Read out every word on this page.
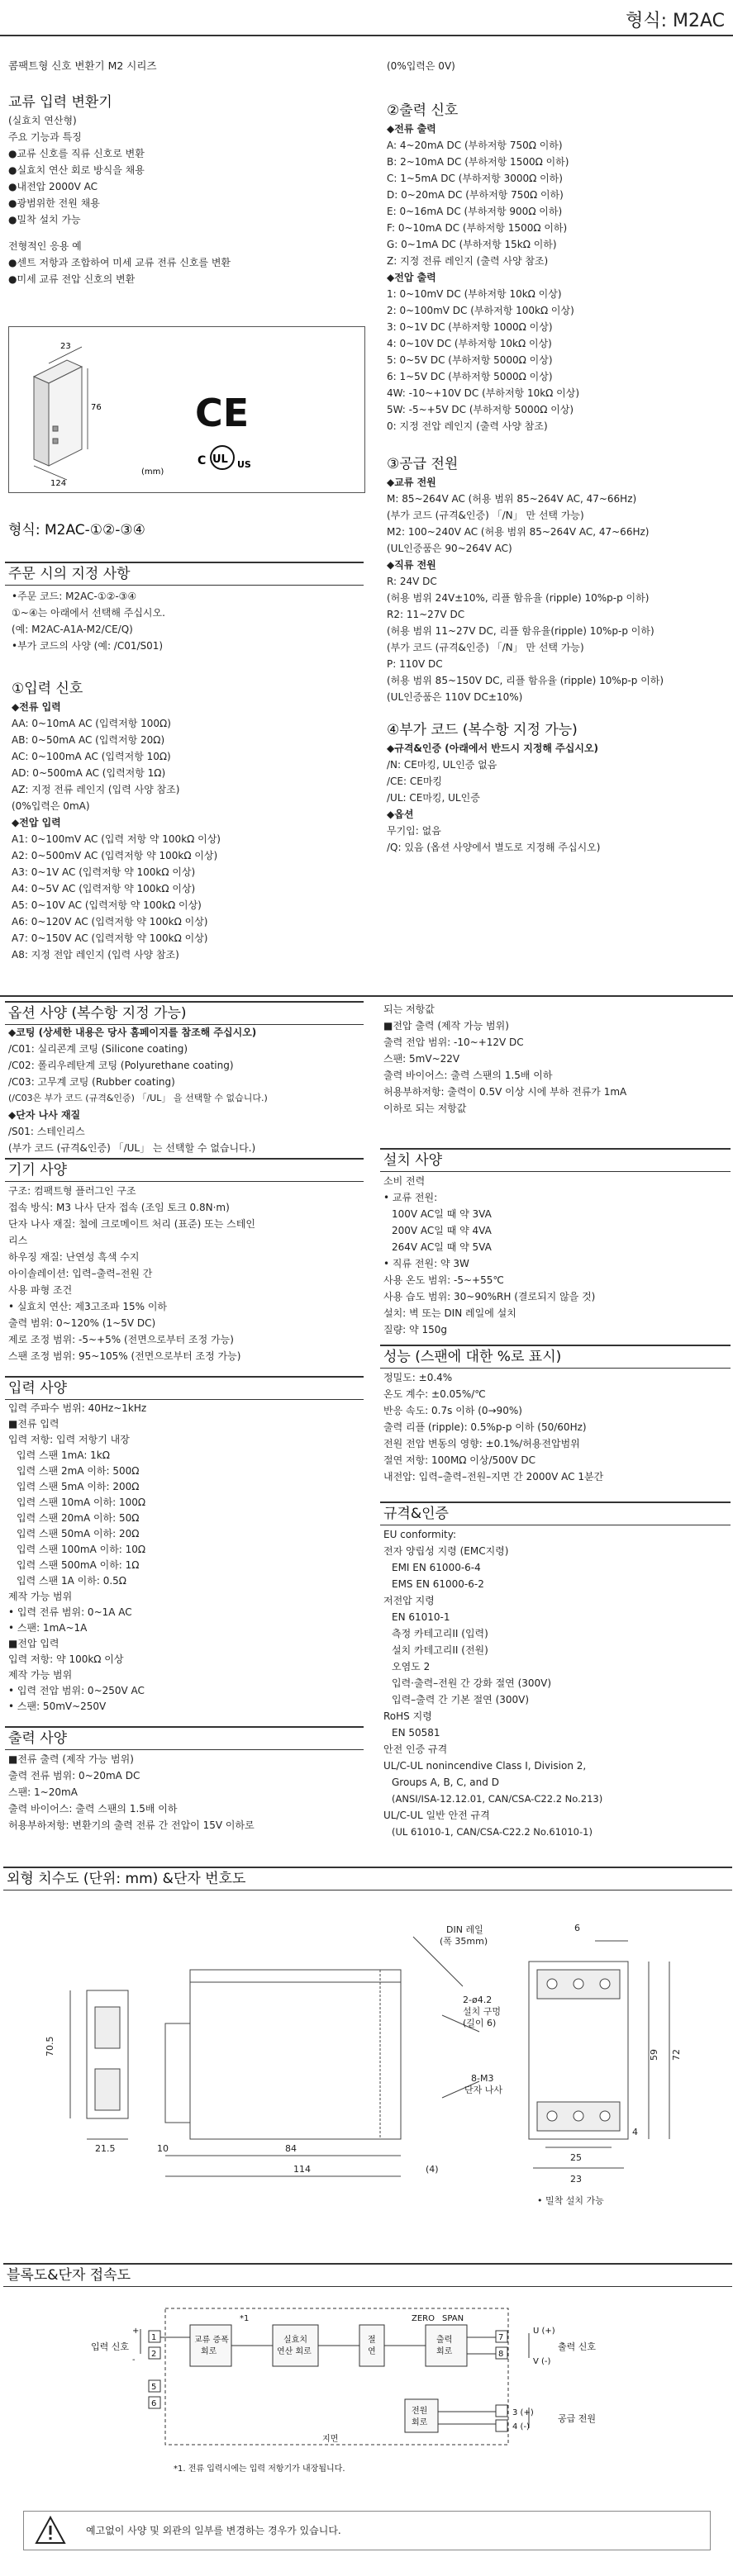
형식: M2AC
콤팩트형 신호 변환기 M2 시리즈
교류 입력 변환기
(실효치 연산형)
주요 기능과 특징
●교류 신호를 직류 신호로 변환
●실효치 연산 회로 방식을 채용
●내전압 2000V AC
●광범위한 전원 채용
●밀착 설치 가능
전형적인 응용 예
●센트 저항과 조합하여 미세 교류 전류 신호를 변환
●미세 교류 전압 신호의 변환
23
76
124
(mm)
CE
UL
C	US
형식: M2AC-①②-③④
주문 시의 지정 사항
•주문 코드: M2AC-①②-③④
①~④는 아래에서 선택해 주십시오.
(예: M2AC-A1A-M2/CE/Q)
•부가 코드의 사양 (예: /C01/S01)
①입력 신호
◆전류 입력
AA: 0~10mA AC (입력저항 100Ω)
AB: 0~50mA AC (입력저항 20Ω)
AC: 0~100mA AC (입력저항 10Ω)
AD: 0~500mA AC (입력저항 1Ω)
AZ: 지정 전류 레인지 (입력 사양 참조)
(0%입력은 0mA)
◆전압 입력
A1: 0~100mV AC (입력 저항 약 100kΩ 이상)
A2: 0~500mV AC (입력저항 약 100kΩ 이상)
A3: 0~1V AC (입력저항 약 100kΩ 이상)
A4: 0~5V AC (입력저항 약 100kΩ 이상)
A5: 0~10V AC (입력저항 약 100kΩ 이상)
A6: 0~120V AC (입력저항 약 100kΩ 이상)
A7: 0~150V AC (입력저항 약 100kΩ 이상)
A8: 지정 전압 레인지 (입력 사양 참조)
(0%입력은 0V)
②출력 신호
◆전류 출력
A: 4~20mA DC (부하저항 750Ω 이하)
B: 2~10mA DC (부하저항 1500Ω 이하)
C: 1~5mA DC (부하저항 3000Ω 이하)
D: 0~20mA DC (부하저항 750Ω 이하)
E: 0~16mA DC (부하저항 900Ω 이하)
F: 0~10mA DC (부하저항 1500Ω 이하)
G: 0~1mA DC (부하저항 15kΩ 이하)
Z: 지정 전류 레인지 (출력 사양 참조)
◆전압 출력
1: 0~10mV DC (부하저항 10kΩ 이상)
2: 0~100mV DC (부하저항 100kΩ 이상)
3: 0~1V DC (부하저항 1000Ω 이상)
4: 0~10V DC (부하저항 10kΩ 이상)
5: 0~5V DC (부하저항 5000Ω 이상)
6: 1~5V DC (부하저항 5000Ω 이상)
4W: -10~+10V DC (부하저항 10kΩ 이상)
5W: -5~+5V DC (부하저항 5000Ω 이상)
0: 지정 전압 레인지 (출력 사양 참조)
③공급 전원
◆교류 전원
M: 85~264V AC (허용 범위 85~264V AC, 47~66Hz)
(부가 코드 (규격&인증) 「/N」 만 선택 가능)
M2: 100~240V AC (허용 범위 85~264V AC, 47~66Hz)
(UL인증품은 90~264V AC)
◆직류 전원
R: 24V DC
(허용 범위 24V±10%, 리플 함유율 (ripple) 10%p-p 이하)
R2: 11~27V DC
(허용 범위 11~27V DC, 리플 함유율(ripple) 10%p-p 이하)
(부가 코드 (규격&인증) 「/N」 만 선택 가능)
P: 110V DC
(허용 범위 85~150V DC, 리플 함유율 (ripple) 10%p-p 이하)
(UL인증품은 110V DC±10%)
④부가 코드 (복수항 지정 가능)
◆규격&인증 (아래에서 반드시 지정해 주십시오)
/N: CE마킹, UL인증 없음
/CE: CE마킹
/UL: CE마킹, UL인증
◆옵션
무기입: 없음
/Q: 있음 (옵션 사양에서 별도로 지정해 주십시오)
옵션 사양 (복수항 지정 가능)
◆코팅 (상세한 내용은 당사 홈페이지를 참조해 주십시오)
/C01: 실리콘계 코팅 (Silicone coating)
/C02: 폴리우레탄계 코팅 (Polyurethane coating)
/C03: 고무계 코팅 (Rubber coating)
(/C03은 부가 코드 (규격&인증) 「/UL」 을 선택할 수 없습니다.)
◆단자 나사 재질
/S01: 스테인리스
(부가 코드 (규격&인증) 「/UL」 는 선택할 수 없습니다.)
기기 사양
구조: 컴팩트형 플러그인 구조
접속 방식: M3 나사 단자 접속 (조임 토크 0.8N·m)
단자 나사 재질: 철에 크로메이트 처리 (표준) 또는 스테인
리스
하우징 재질: 난연성 흑색 수지
아이솔레이션: 입력–출력–전원 간
사용 파형 조건
• 실효치 연산: 제3고조파 15% 이하
출력 범위: 0~120% (1~5V DC)
제로 조정 범위: -5~+5% (전면으로부터 조정 가능)
스팬 조정 범위: 95~105% (전면으로부터 조정 가능)
입력 사양
입력 주파수 범위: 40Hz~1kHz
■전류 입력
입력 저항: 입력 저항기 내장
입력 스팬 1mA: 1kΩ
입력 스팬 2mA 이하: 500Ω
입력 스팬 5mA 이하: 200Ω
입력 스팬 10mA 이하: 100Ω
입력 스팬 20mA 이하: 50Ω
입력 스팬 50mA 이하: 20Ω
입력 스팬 100mA 이하: 10Ω
입력 스팬 500mA 이하: 1Ω
입력 스팬 1A 이하: 0.5Ω
제작 가능 범위
• 입력 전류 범위: 0~1A AC
• 스팬: 1mA~1A
■전압 입력
입력 저항: 약 100kΩ 이상
제작 가능 범위
• 입력 전압 범위: 0~250V AC
• 스팬: 50mV~250V
출력 사양
■전류 출력 (제작 가능 범위)
출력 전류 범위: 0~20mA DC
스팬: 1~20mA
출력 바이어스: 출력 스팬의 1.5배 이하
허용부하저항: 변환기의 출력 전류 간 전압이 15V 이하로
되는 저항값
■전압 출력 (제작 가능 범위)
출력 전압 범위: -10~+12V DC
스팬: 5mV~22V
출력 바이어스: 출력 스팬의 1.5배 이하
허용부하저항: 출력이 0.5V 이상 시에 부하 전류가 1mA
이하로 되는 저항값
설치 사양
소비 전력
• 교류 전원:
100V AC일 때 약 3VA
200V AC일 때 약 4VA
264V AC일 때 약 5VA
• 직류 전원: 약 3W
사용 온도 범위: -5~+55℃
사용 습도 범위: 30~90%RH (결로되지 않을 것)
설치: 벽 또는 DIN 레일에 설치
질량: 약 150g
성능 (스팬에 대한 %로 표시)
정밀도: ±0.4%
온도 계수: ±0.05%/℃
반응 속도: 0.7s 이하 (0→90%)
출력 리플 (ripple): 0.5%p-p 이하 (50/60Hz)
전원 전압 변동의 영향: ±0.1%/허용전압범위
절연 저항: 100MΩ 이상/500V DC
내전압: 입력–출력–전원–지면 간 2000V AC 1분간
규격&인증
EU conformity:
전자 양립성 지령 (EMC지령)
EMI EN 61000-6-4
EMS EN 61000-6-2
저전압 지령
EN 61010-1
측정 카테고리II (입력)
설치 카테고리II (전원)
오염도 2
입력·출력–전원 간 강화 절연 (300V)
입력–출력 간 기본 절연 (300V)
RoHS 지령
EN 50581
안전 인증 규격
UL/C-UL nonincendive Class I, Division 2,
Groups A, B, C, and D
(ANSI/ISA-12.12.01, CAN/CSA-C22.2 No.213)
UL/C-UL 일반 안전 규격
(UL 61010-1, CAN/CSA-C22.2 No.61010-1)
외형 치수도 (단위: mm) &단자 번호도
70.5
21.5	10	84
114	(4)
6
25
23
59 72
4
DIN 레일
(폭 35mm)
2-ø4.2
설치 구멍
(길이 6)
8-M3
단자 나사
• 밀착 설치 가능
블록도&단자 접속도
1
2
5
6
7
8
3 (+)
4 (-)
교류 증폭
회로
실효치
연산 회로
절
연
출력
회로
전원
회로
ZERO SPAN
지면
*1
+
-
U (+)
V (-)
입력 신호	출력 신호
공급 전원
*1. 전류 입력시에는 입력 저항기가 내장됩니다.
예고없이 사양 및 외관의 일부를 변경하는 경우가 있습니다.
